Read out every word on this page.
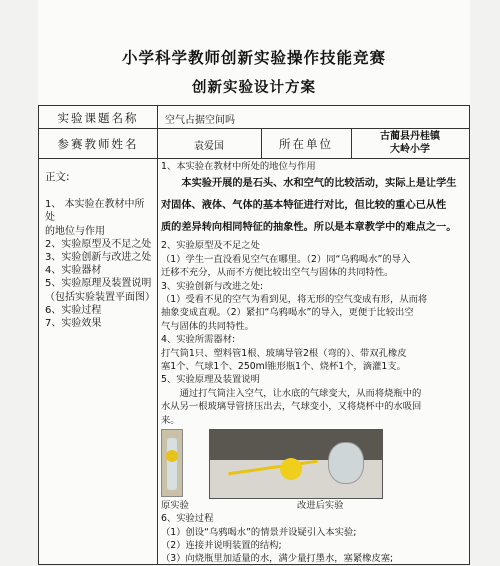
小学科学教师创新实验操作技能竞赛
创新实验设计方案
实验课题名称	空气占据空间吗
参赛教师姓名	袁爱国	所在单位
古蔺县丹桂镇
大岭小学
正文:
1、 本实验在教材中所处
的地位与作用
2、实验原型及不足之处
3、实验创新与改进之处
4、实验器材
5、实验原理及装置说明
（包括实验装置平面图）
6、实验过程
7、实验效果

1、本实验在教材中所处的地位与作用

本实验开展的是石头、水和空气的比较活动，实际上是让学生

对固体、液体、气体的基本特征进行对比，但比较的重心已从性

质的差异转向相同特征的抽象性。所以是本章教学中的难点之一。

2、实验原型及不足之处

（1）学生一直没看见空气在哪里。（2）同“乌鸦喝水”的导入

迁移不充分，从而不方便比较出空气与固体的共同特性。

3、实验创新与改进之处:

（1）受看不见的空气为看到见，将无形的空气变成有形，从而将

抽象变成直观。（2）紧扣“乌鸦喝水”的导入，更便于比较出空

气与固体的共同特性。

4、实验所需器材:

打气筒1只、塑料管1根、玻璃导管2根（弯的）、带双孔橡皮

塞1个、气球1个、250ml锥形瓶1个、烧杯1个，滴灌1支。

5、实验原理及装置说明

通过打气筒注入空气，让水底的气球变大，从而将烧瓶中的

水从另一根玻璃导管挤压出去，气球变小，又将烧杯中的水吸回

来。

原实验	改进后实验

6、实验过程

（1）创设“乌鸦喝水”的情景并设疑引入本实验;

（2）连接并说明装置的结构;

（3）向烧瓶里加适量的水，满少量打墨水，塞紧橡皮塞;
